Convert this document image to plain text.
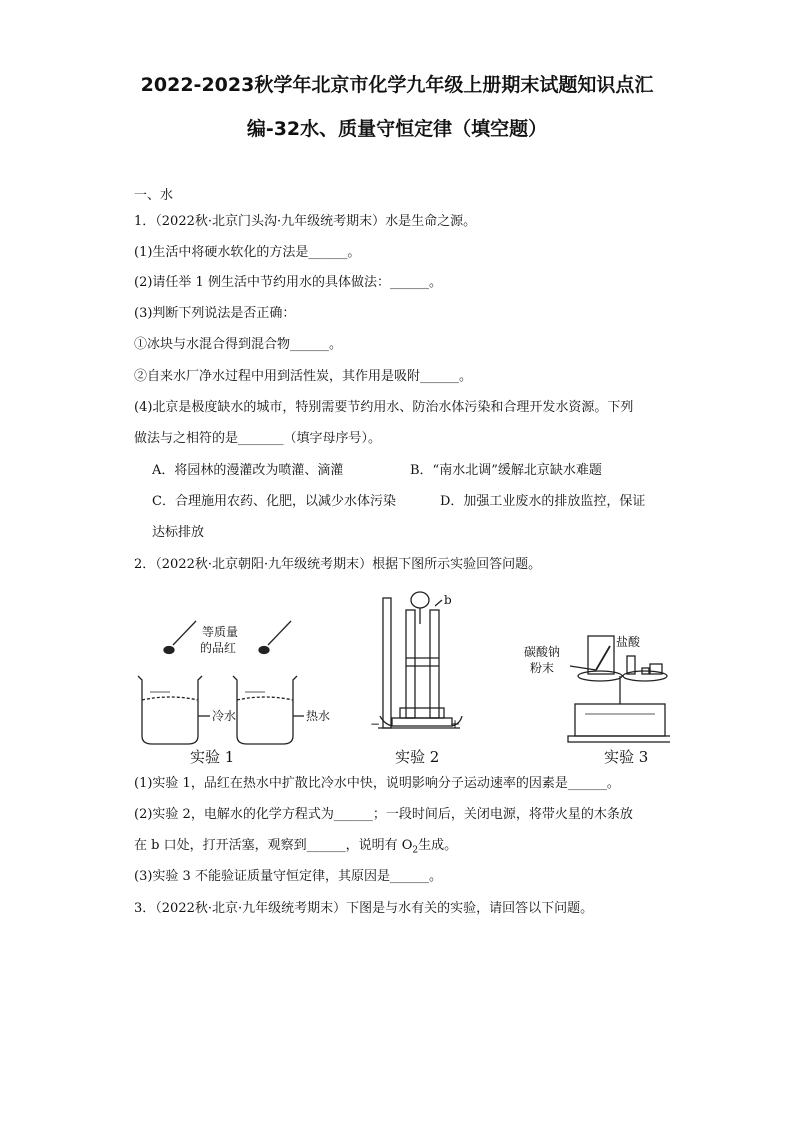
2022-2023秋学年北京市化学九年级上册期末试题知识点汇
编-32水、质量守恒定律（填空题）
一、水
1．（2022秋·北京门头沟·九年级统考期末）水是生命之源。
(1)生活中将硬水软化的方法是______。
(2)请任举 1 例生活中节约用水的具体做法：______。
(3)判断下列说法是否正确：
①冰块与水混合得到混合物______。
②自来水厂净水过程中用到活性炭，其作用是吸附______。
(4)北京是极度缺水的城市，特别需要节约用水、防治水体污染和合理开发水资源。下列
做法与之相符的是_______（填字母序号）。
A．将园林的漫灌改为喷灌、滴灌	B．“南水北调”缓解北京缺水难题
C．合理施用农药、化肥，以减少水体污染	D．加强工业废水的排放监控，保证
达标排放
2．（2022秋·北京朝阳·九年级统考期末）根据下图所示实验回答问题。
等质量
的品红
冷水	热水
b
−	+
碳酸钠
粉末
盐酸
实验 1	实验 2	实验 3
(1)实验 1，品红在热水中扩散比冷水中快，说明影响分子运动速率的因素是______。
(2)实验 2，电解水的化学方程式为______；一段时间后，关闭电源，将带火星的木条放
在 b 口处，打开活塞，观察到______，说明有 $O_2$生成。
(3)实验 3 不能验证质量守恒定律，其原因是______。
3．（2022秋·北京·九年级统考期末）下图是与水有关的实验，请回答以下问题。
